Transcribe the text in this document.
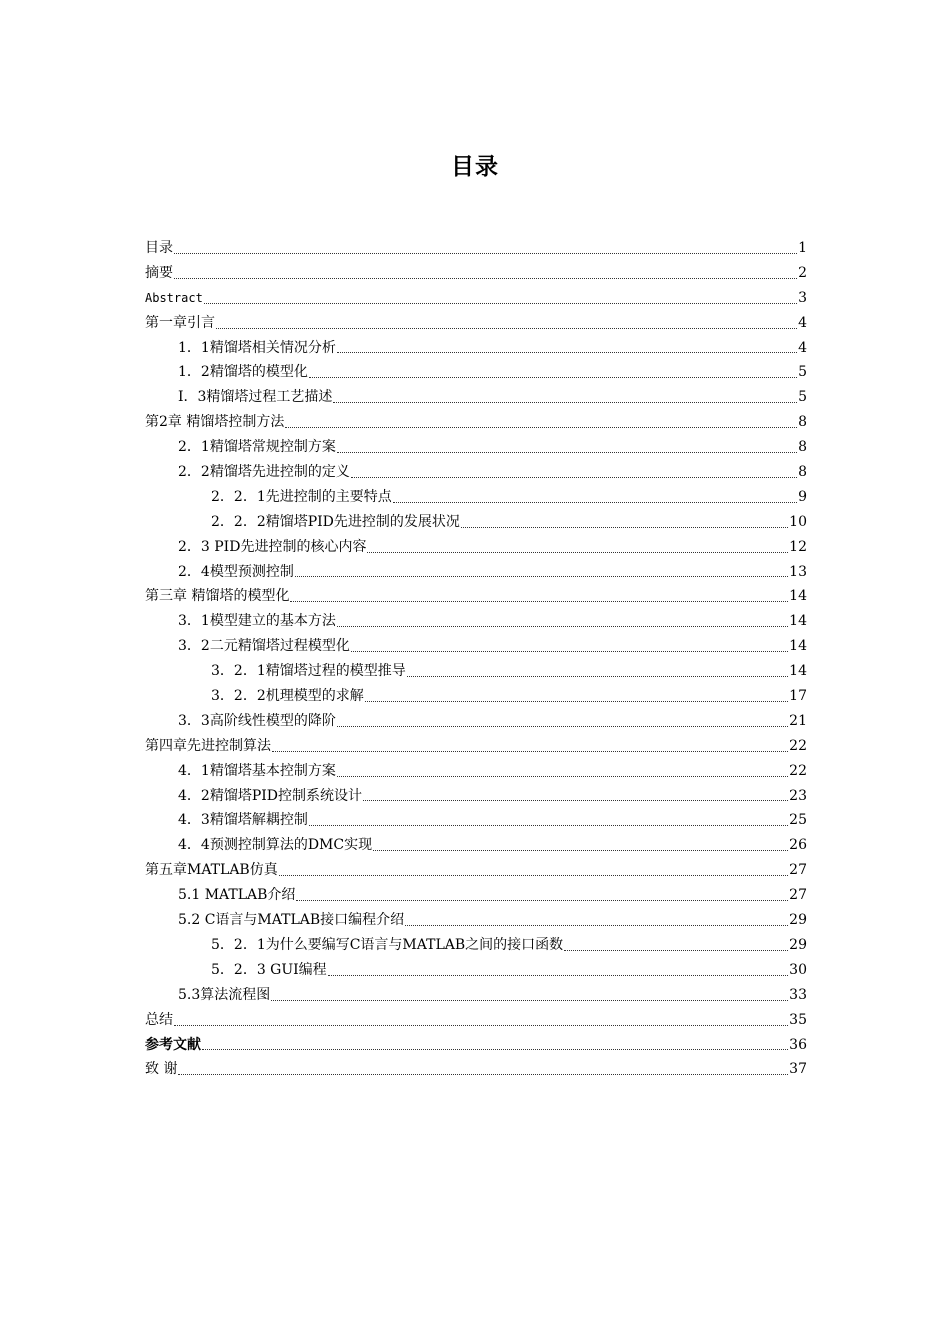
目录
目录	1
摘要	2
Abstract	3
第一章引言	4
1．1精馏塔相关情况分析	4
1．2精馏塔的模型化	5
I．3精馏塔过程工艺描述	5
第2章 精馏塔控制方法	8
2．1精馏塔常规控制方案	8
2．2精馏塔先进控制的定义	8
2．2．1先进控制的主要特点	9
2．2．2精馏塔PID先进控制的发展状况	10
2．3 PID先进控制的核心内容	12
2．4模型预测控制	13
第三章 精馏塔的模型化	14
3．1模型建立的基本方法	14
3．2二元精馏塔过程模型化	14
3．2．1精馏塔过程的模型推导	14
3．2．2机理模型的求解	17
3．3高阶线性模型的降阶	21
第四章先进控制算法	22
4．1精馏塔基本控制方案	22
4．2精馏塔PID控制系统设计	23
4．3精馏塔解耦控制	25
4．4预测控制算法的DMC实现	26
第五章MATLAB仿真	27
5.1 MATLAB介绍	27
5.2 C语言与MATLAB接口编程介绍	29
5．2．1为什么要编写C语言与MATLAB之间的接口函数	29
5．2．3 GUI编程	30
5.3算法流程图	33
总结	35
参考文献	36
致 谢	37
